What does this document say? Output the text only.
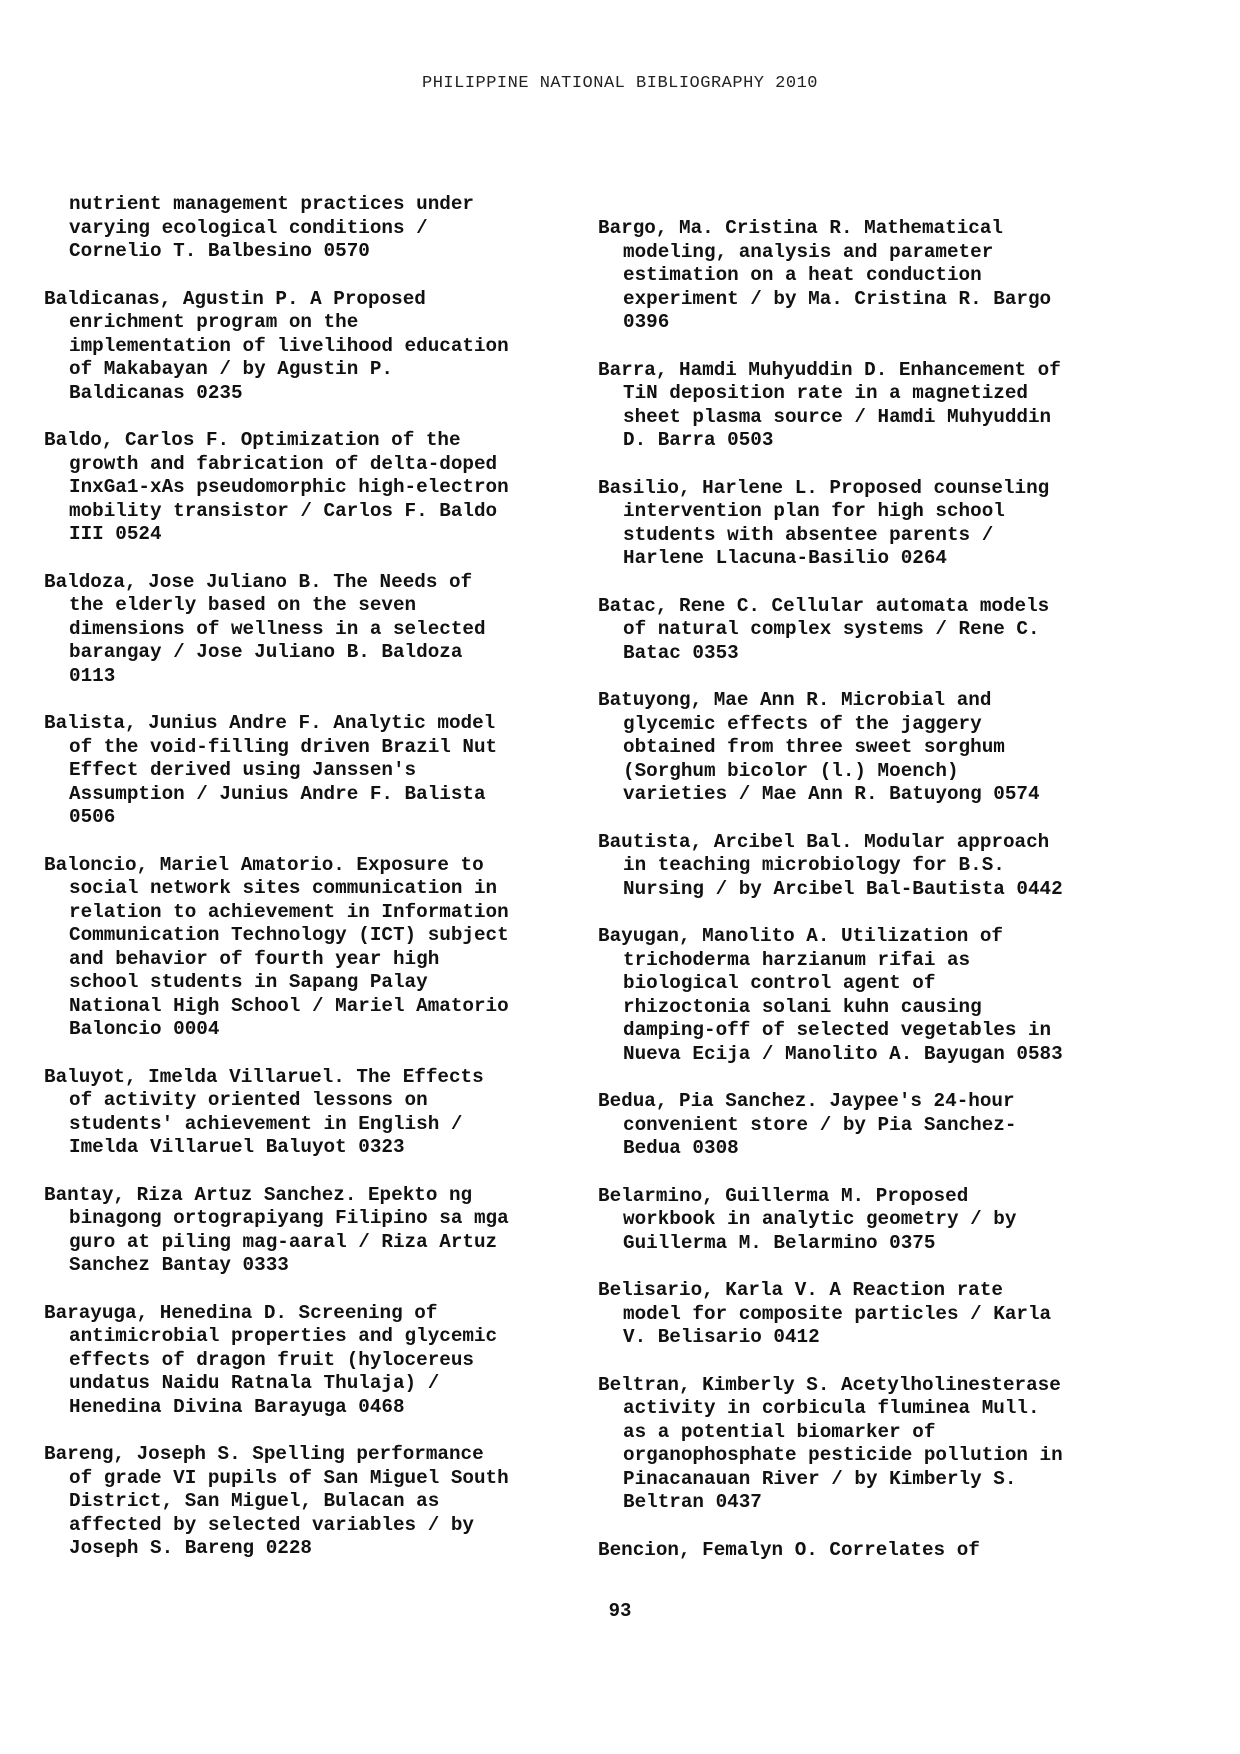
PHILIPPINE NATIONAL BIBLIOGRAPHY 2010

nutrient management practices under
varying ecological conditions /
Cornelio T. Balbesino 0570

Baldicanas, Agustin P. A Proposed
enrichment program on the
implementation of livelihood education
of Makabayan / by Agustin P.
Baldicanas 0235

Baldo, Carlos F. Optimization of the
growth and fabrication of delta-doped
InxGa1-xAs pseudomorphic high-electron
mobility transistor / Carlos F. Baldo
III 0524

Baldoza, Jose Juliano B. The Needs of
the elderly based on the seven
dimensions of wellness in a selected
barangay / Jose Juliano B. Baldoza
0113

Balista, Junius Andre F. Analytic model
of the void-filling driven Brazil Nut
Effect derived using Janssen's
Assumption / Junius Andre F. Balista
0506

Baloncio, Mariel Amatorio. Exposure to
social network sites communication in
relation to achievement in Information
Communication Technology (ICT) subject
and behavior of fourth year high
school students in Sapang Palay
National High School / Mariel Amatorio
Baloncio 0004

Baluyot, Imelda Villaruel. The Effects
of activity oriented lessons on
students' achievement in English /
Imelda Villaruel Baluyot 0323

Bantay, Riza Artuz Sanchez. Epekto ng
binagong ortograpiyang Filipino sa mga
guro at piling mag-aaral / Riza Artuz
Sanchez Bantay 0333

Barayuga, Henedina D. Screening of
antimicrobial properties and glycemic
effects of dragon fruit (hylocereus
undatus Naidu Ratnala Thulaja) /
Henedina Divina Barayuga 0468

Bareng, Joseph S. Spelling performance
of grade VI pupils of San Miguel South
District, San Miguel, Bulacan as
affected by selected variables / by
Joseph S. Bareng 0228

Bargo, Ma. Cristina R. Mathematical
modeling, analysis and parameter
estimation on a heat conduction
experiment / by Ma. Cristina R. Bargo
0396

Barra, Hamdi Muhyuddin D. Enhancement of
TiN deposition rate in a magnetized
sheet plasma source / Hamdi Muhyuddin
D. Barra 0503

Basilio, Harlene L. Proposed counseling
intervention plan for high school
students with absentee parents /
Harlene Llacuna-Basilio 0264

Batac, Rene C. Cellular automata models
of natural complex systems / Rene C.
Batac 0353

Batuyong, Mae Ann R. Microbial and
glycemic effects of the jaggery
obtained from three sweet sorghum
(Sorghum bicolor (l.) Moench)
varieties / Mae Ann R. Batuyong 0574

Bautista, Arcibel Bal. Modular approach
in teaching microbiology for B.S.
Nursing / by Arcibel Bal-Bautista 0442

Bayugan, Manolito A. Utilization of
trichoderma harzianum rifai as
biological control agent of
rhizoctonia solani kuhn causing
damping-off of selected vegetables in
Nueva Ecija / Manolito A. Bayugan 0583

Bedua, Pia Sanchez. Jaypee's 24-hour
convenient store / by Pia Sanchez-
Bedua 0308

Belarmino, Guillerma M. Proposed
workbook in analytic geometry / by
Guillerma M. Belarmino 0375

Belisario, Karla V. A Reaction rate
model for composite particles / Karla
V. Belisario 0412

Beltran, Kimberly S. Acetylholinesterase
activity in corbicula fluminea Mull.
as a potential biomarker of
organophosphate pesticide pollution in
Pinacanauan River / by Kimberly S.
Beltran 0437

Bencion, Femalyn O. Correlates of

93
